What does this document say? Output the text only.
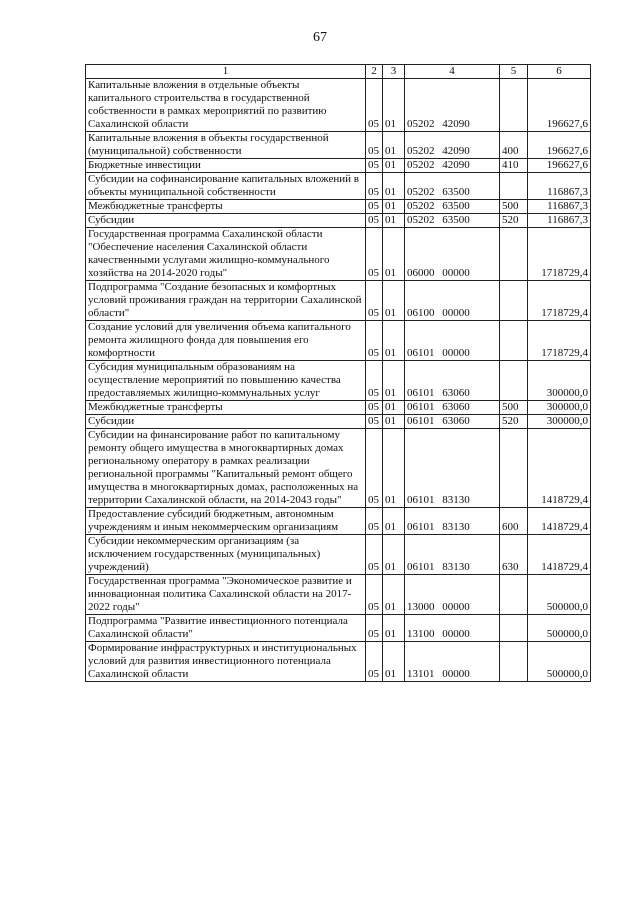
67
1	2	3	4	5	6
Капитальные вложения в отдельные объекты капитального строительства в государственной собственности в рамках мероприятий по развитию Сахалинской области	05	01	05202 42090		196627,6
Капитальные вложения в объекты государственной (муниципальной) собственности	05	01	05202 42090	400	196627,6
Бюджетные инвестиции	05	01	05202 42090	410	196627,6
Субсидии на софинансирование капитальных вложений в объекты муниципальной собственности	05	01	05202 63500		116867,3
Межбюджетные трансферты	05	01	05202 63500	500	116867,3
Субсидии	05	01	05202 63500	520	116867,3
Государственная программа Сахалинской области "Обеспечение населения Сахалинской области качественными услугами жилищно-коммунального хозяйства на 2014-2020 годы"	05	01	06000 00000		1718729,4
Подпрограмма "Создание безопасных и комфортных условий проживания граждан на территории Сахалинской области"	05	01	06100 00000		1718729,4
Создание условий для увеличения объема капитального ремонта жилищного фонда для повышения его комфортности	05	01	06101 00000		1718729,4
Субсидия муниципальным образованиям на осуществление мероприятий по повышению качества предоставляемых жилищно-коммунальных услуг	05	01	06101 63060		300000,0
Межбюджетные трансферты	05	01	06101 63060	500	300000,0
Субсидии	05	01	06101 63060	520	300000,0
Субсидии на финансирование работ по капитальному ремонту общего имущества в многоквартирных домах региональному оператору в рамках реализации региональной программы "Капитальный ремонт общего имущества в многоквартирных домах, расположенных на территории Сахалинской области, на 2014-2043 годы"	05	01	06101 83130		1418729,4
Предоставление субсидий бюджетным, автономным учреждениям и иным некоммерческим организациям	05	01	06101 83130	600	1418729,4
Субсидии некоммерческим организациям (за исключением государственных (муниципальных) учреждений)	05	01	06101 83130	630	1418729,4
Государственная программа "Экономическое развитие и инновационная политика Сахалинской области на 2017-2022 годы"	05	01	13000 00000		500000,0
Подпрограмма "Развитие инвестиционного потенциала Сахалинской области"	05	01	13100 00000		500000,0
Формирование инфраструктурных и институциональных условий для развития инвестиционного потенциала Сахалинской области	05	01	13101 00000		500000,0
